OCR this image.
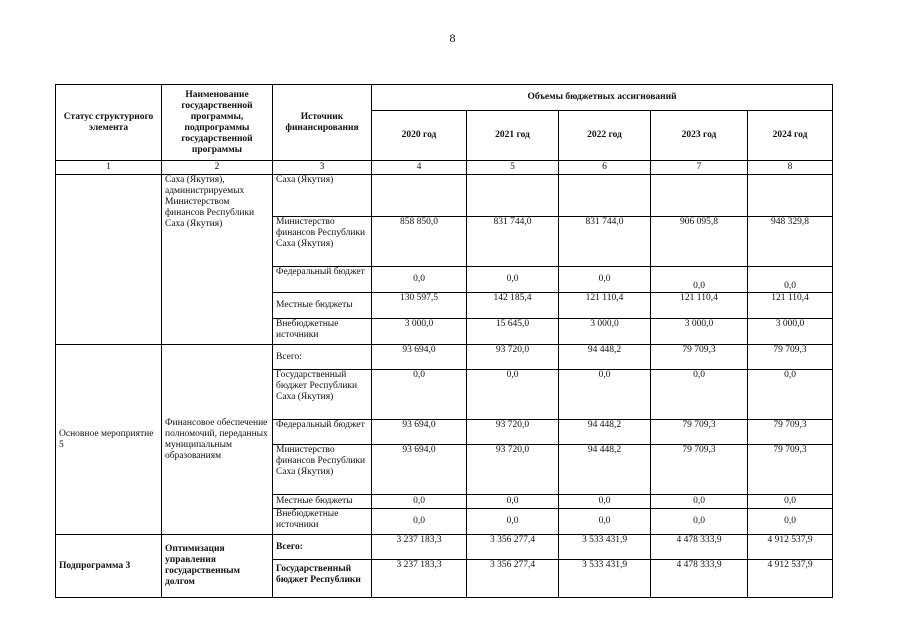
8
Статус структурного элемента	Наименование государственной программы, подпрограммы государственной программы	Источник финансирования	Объемы бюджетных ассигнований				
			2020 год	2021 год	2022 год	2023 год	2024 год
1	2	3	4	5	6	7	8
	Саха (Якутия), администрируемых Министерством финансов Республики Саха (Якутия)	Саха (Якутия)					
		Министерство финансов Республики Саха (Якутия)	858 850,0	831 744,0	831 744,0	906 095,8	948 329,8
		Федеральный бюджет	0,0	0,0	0,0	0,0	0,0
		Местные бюджеты	130 597,5	142 185,4	121 110,4	121 110,4	121 110,4
		Внебюджетные источники	3 000,0	15 645,0	3 000,0	3 000,0	3 000,0
Основное мероприятие 5	Финансовое обеспечение полномочий, переданных муниципальным образованиям	Всего:	93 694,0	93 720,0	94 448,2	79 709,3	79 709,3
		Государственный бюджет Республики Саха (Якутия)	0,0	0,0	0,0	0,0	0,0
		Федеральный бюджет	93 694,0	93 720,0	94 448,2	79 709,3	79 709,3
		Министерство финансов Республики Саха (Якутия)	93 694,0	93 720,0	94 448,2	79 709,3	79 709,3
		Местные бюджеты	0,0	0,0	0,0	0,0	0,0
		Внебюджетные источники	0,0	0,0	0,0	0,0	0,0
Подпрограмма 3	Оптимизация управления государственным долгом	Всего:	3 237 183,3	3 356 277,4	3 533 431,9	4 478 333,9	4 912 537,9
		Государственный бюджет Республики	3 237 183,3	3 356 277,4	3 533 431,9	4 478 333,9	4 912 537,9
